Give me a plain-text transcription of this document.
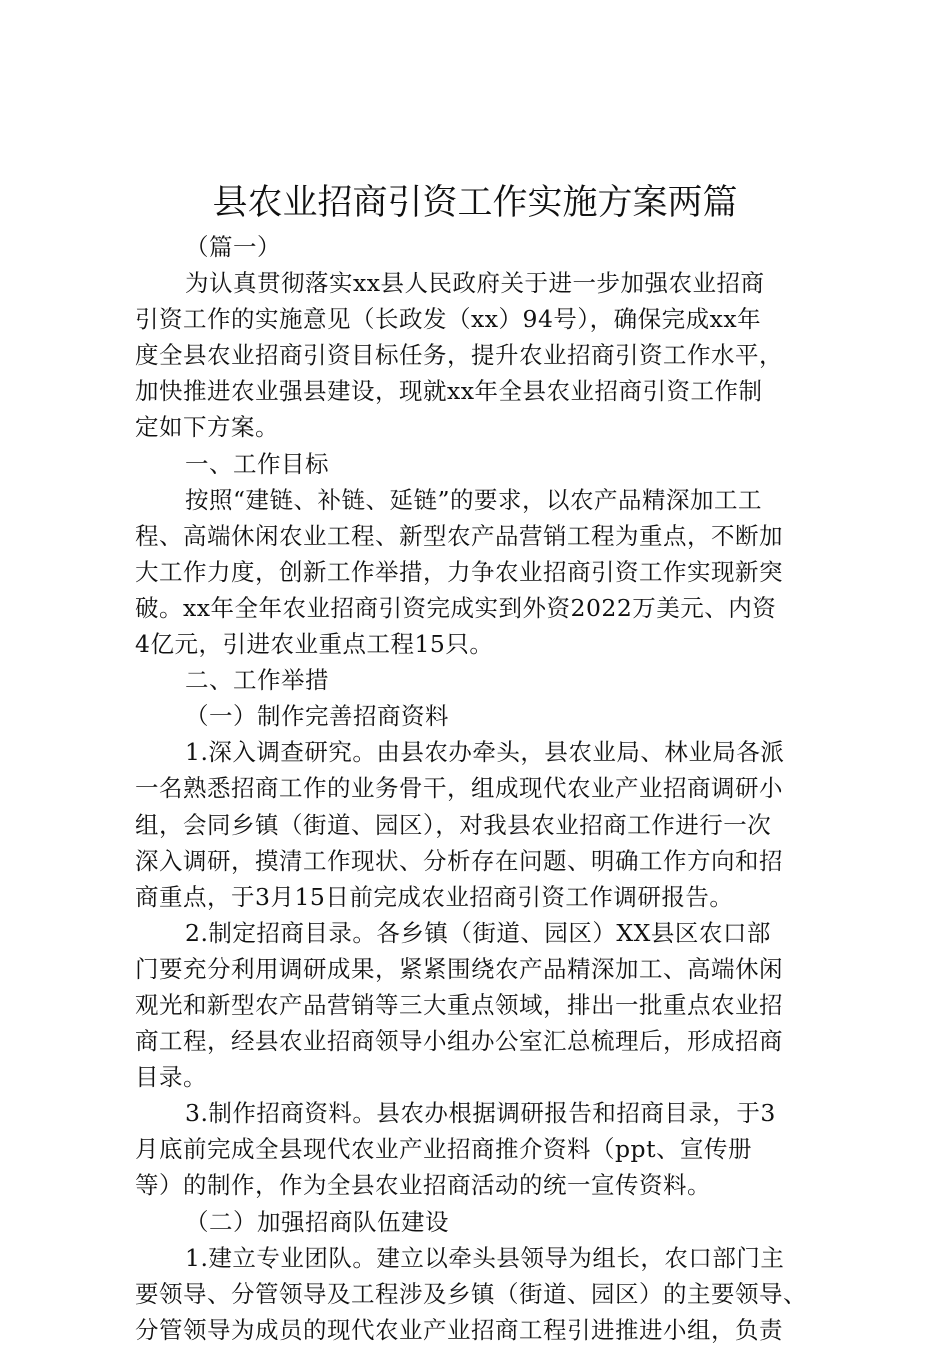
县农业招商引资工作实施方案两篇
（篇一）
为认真贯彻落实xx县人民政府关于进一步加强农业招商
引资工作的实施意见（长政发（xx）94号），确保完成xx年
度全县农业招商引资目标任务，提升农业招商引资工作水平，
加快推进农业强县建设，现就xx年全县农业招商引资工作制
定如下方案。
一、工作目标
按照“建链、补链、延链”的要求，以农产品精深加工工
程、高端休闲农业工程、新型农产品营销工程为重点，不断加
大工作力度，创新工作举措，力争农业招商引资工作实现新突
破。xx年全年农业招商引资完成实到外资2022万美元、内资
4亿元，引进农业重点工程15只。
二、工作举措
（一）制作完善招商资料
1.深入调查研究。由县农办牵头，县农业局、林业局各派
一名熟悉招商工作的业务骨干，组成现代农业产业招商调研小
组，会同乡镇（街道、园区），对我县农业招商工作进行一次
深入调研，摸清工作现状、分析存在问题、明确工作方向和招
商重点，于3月15日前完成农业招商引资工作调研报告。
2.制定招商目录。各乡镇（街道、园区）XX县区农口部
门要充分利用调研成果，紧紧围绕农产品精深加工、高端休闲
观光和新型农产品营销等三大重点领域，排出一批重点农业招
商工程，经县农业招商领导小组办公室汇总梳理后，形成招商
目录。
3.制作招商资料。县农办根据调研报告和招商目录，于3
月底前完成全县现代农业产业招商推介资料（ppt、宣传册
等）的制作，作为全县农业招商活动的统一宣传资料。
（二）加强招商队伍建设
1.建立专业团队。建立以牵头县领导为组长，农口部门主
要领导、分管领导及工程涉及乡镇（街道、园区）的主要领导、
分管领导为成员的现代农业产业招商工程引进推进小组，负责
